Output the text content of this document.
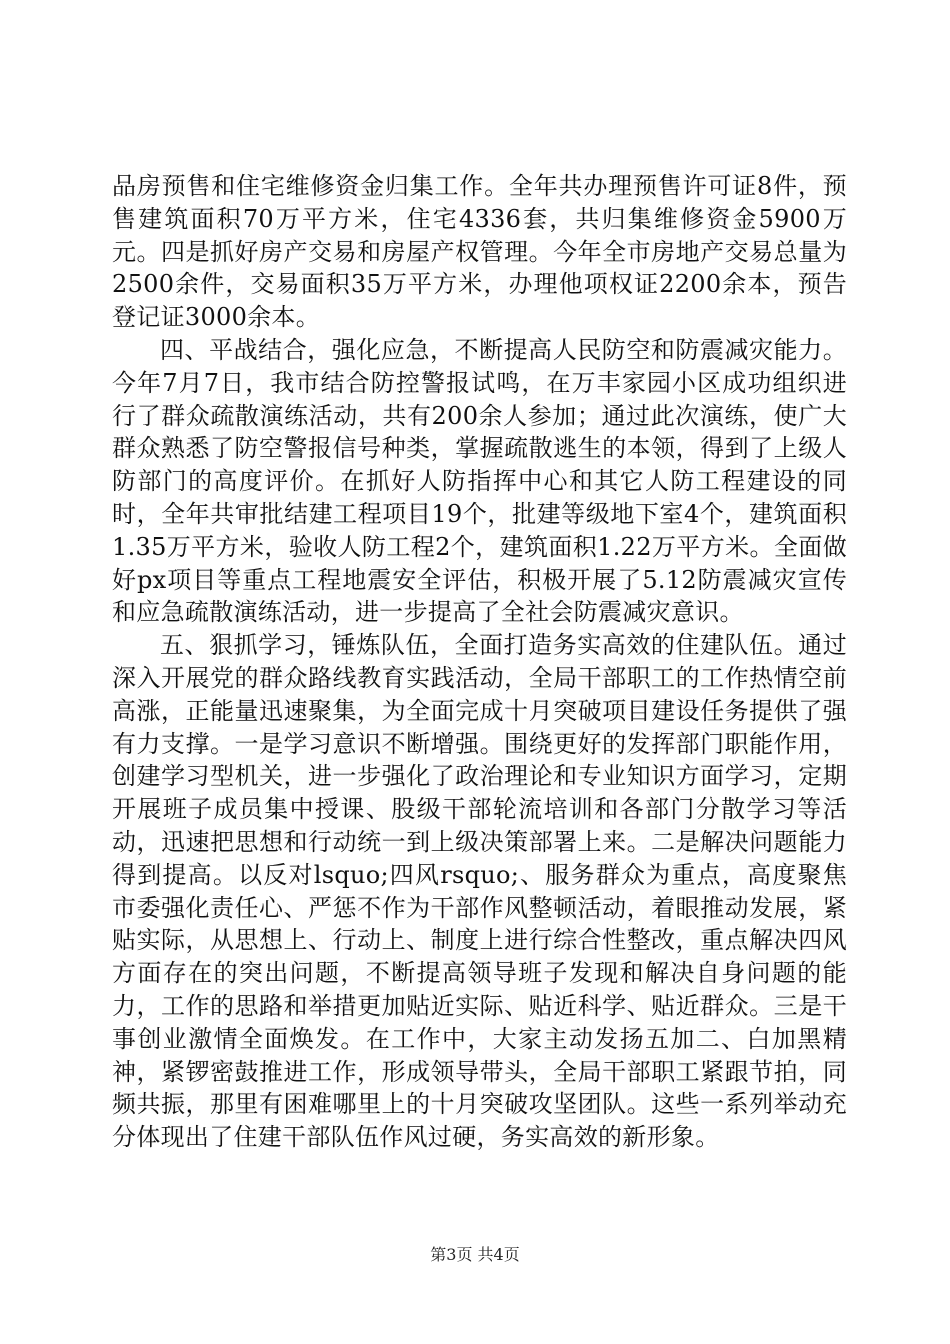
品房预售和住宅维修资金归集工作。全年共办理预售许可证8件，预售建筑面积70万平方米，住宅4336套，共归集维修资金5900万元。四是抓好房产交易和房屋产权管理。今年全市房地产交易总量为2500余件，交易面积35万平方米，办理他项权证2200余本，预告登记证3000余本。

四、平战结合，强化应急，不断提高人民防空和防震减灾能力。今年7月7日，我市结合防控警报试鸣，在万丰家园小区成功组织进行了群众疏散演练活动，共有200余人参加；通过此次演练，使广大群众熟悉了防空警报信号种类，掌握疏散逃生的本领，得到了上级人防部门的高度评价。在抓好人防指挥中心和其它人防工程建设的同时，全年共审批结建工程项目19个，批建等级地下室4个，建筑面积1.35万平方米，验收人防工程2个，建筑面积1.22万平方米。全面做好px项目等重点工程地震安全评估，积极开展了5.12防震减灾宣传和应急疏散演练活动，进一步提高了全社会防震减灾意识。

五、狠抓学习，锤炼队伍，全面打造务实高效的住建队伍。通过深入开展党的群众路线教育实践活动，全局干部职工的工作热情空前高涨，正能量迅速聚集，为全面完成十月突破项目建设任务提供了强有力支撑。一是学习意识不断增强。围绕更好的发挥部门职能作用，创建学习型机关，进一步强化了政治理论和专业知识方面学习，定期开展班子成员集中授课、股级干部轮流培训和各部门分散学习等活动，迅速把思想和行动统一到上级决策部署上来。二是解决问题能力得到提高。以反对lsquo;四风rsquo;、服务群众为重点，高度聚焦市委强化责任心、严惩不作为干部作风整顿活动，着眼推动发展，紧贴实际，从思想上、行动上、制度上进行综合性整改，重点解决四风方面存在的突出问题，不断提高领导班子发现和解决自身问题的能力，工作的思路和举措更加贴近实际、贴近科学、贴近群众。三是干事创业激情全面焕发。在工作中，大家主动发扬五加二、白加黑精神，紧锣密鼓推进工作，形成领导带头，全局干部职工紧跟节拍，同频共振，那里有困难哪里上的十月突破攻坚团队。这些一系列举动充分体现出了住建干部队伍作风过硬，务实高效的新形象。

第3页 共4页
